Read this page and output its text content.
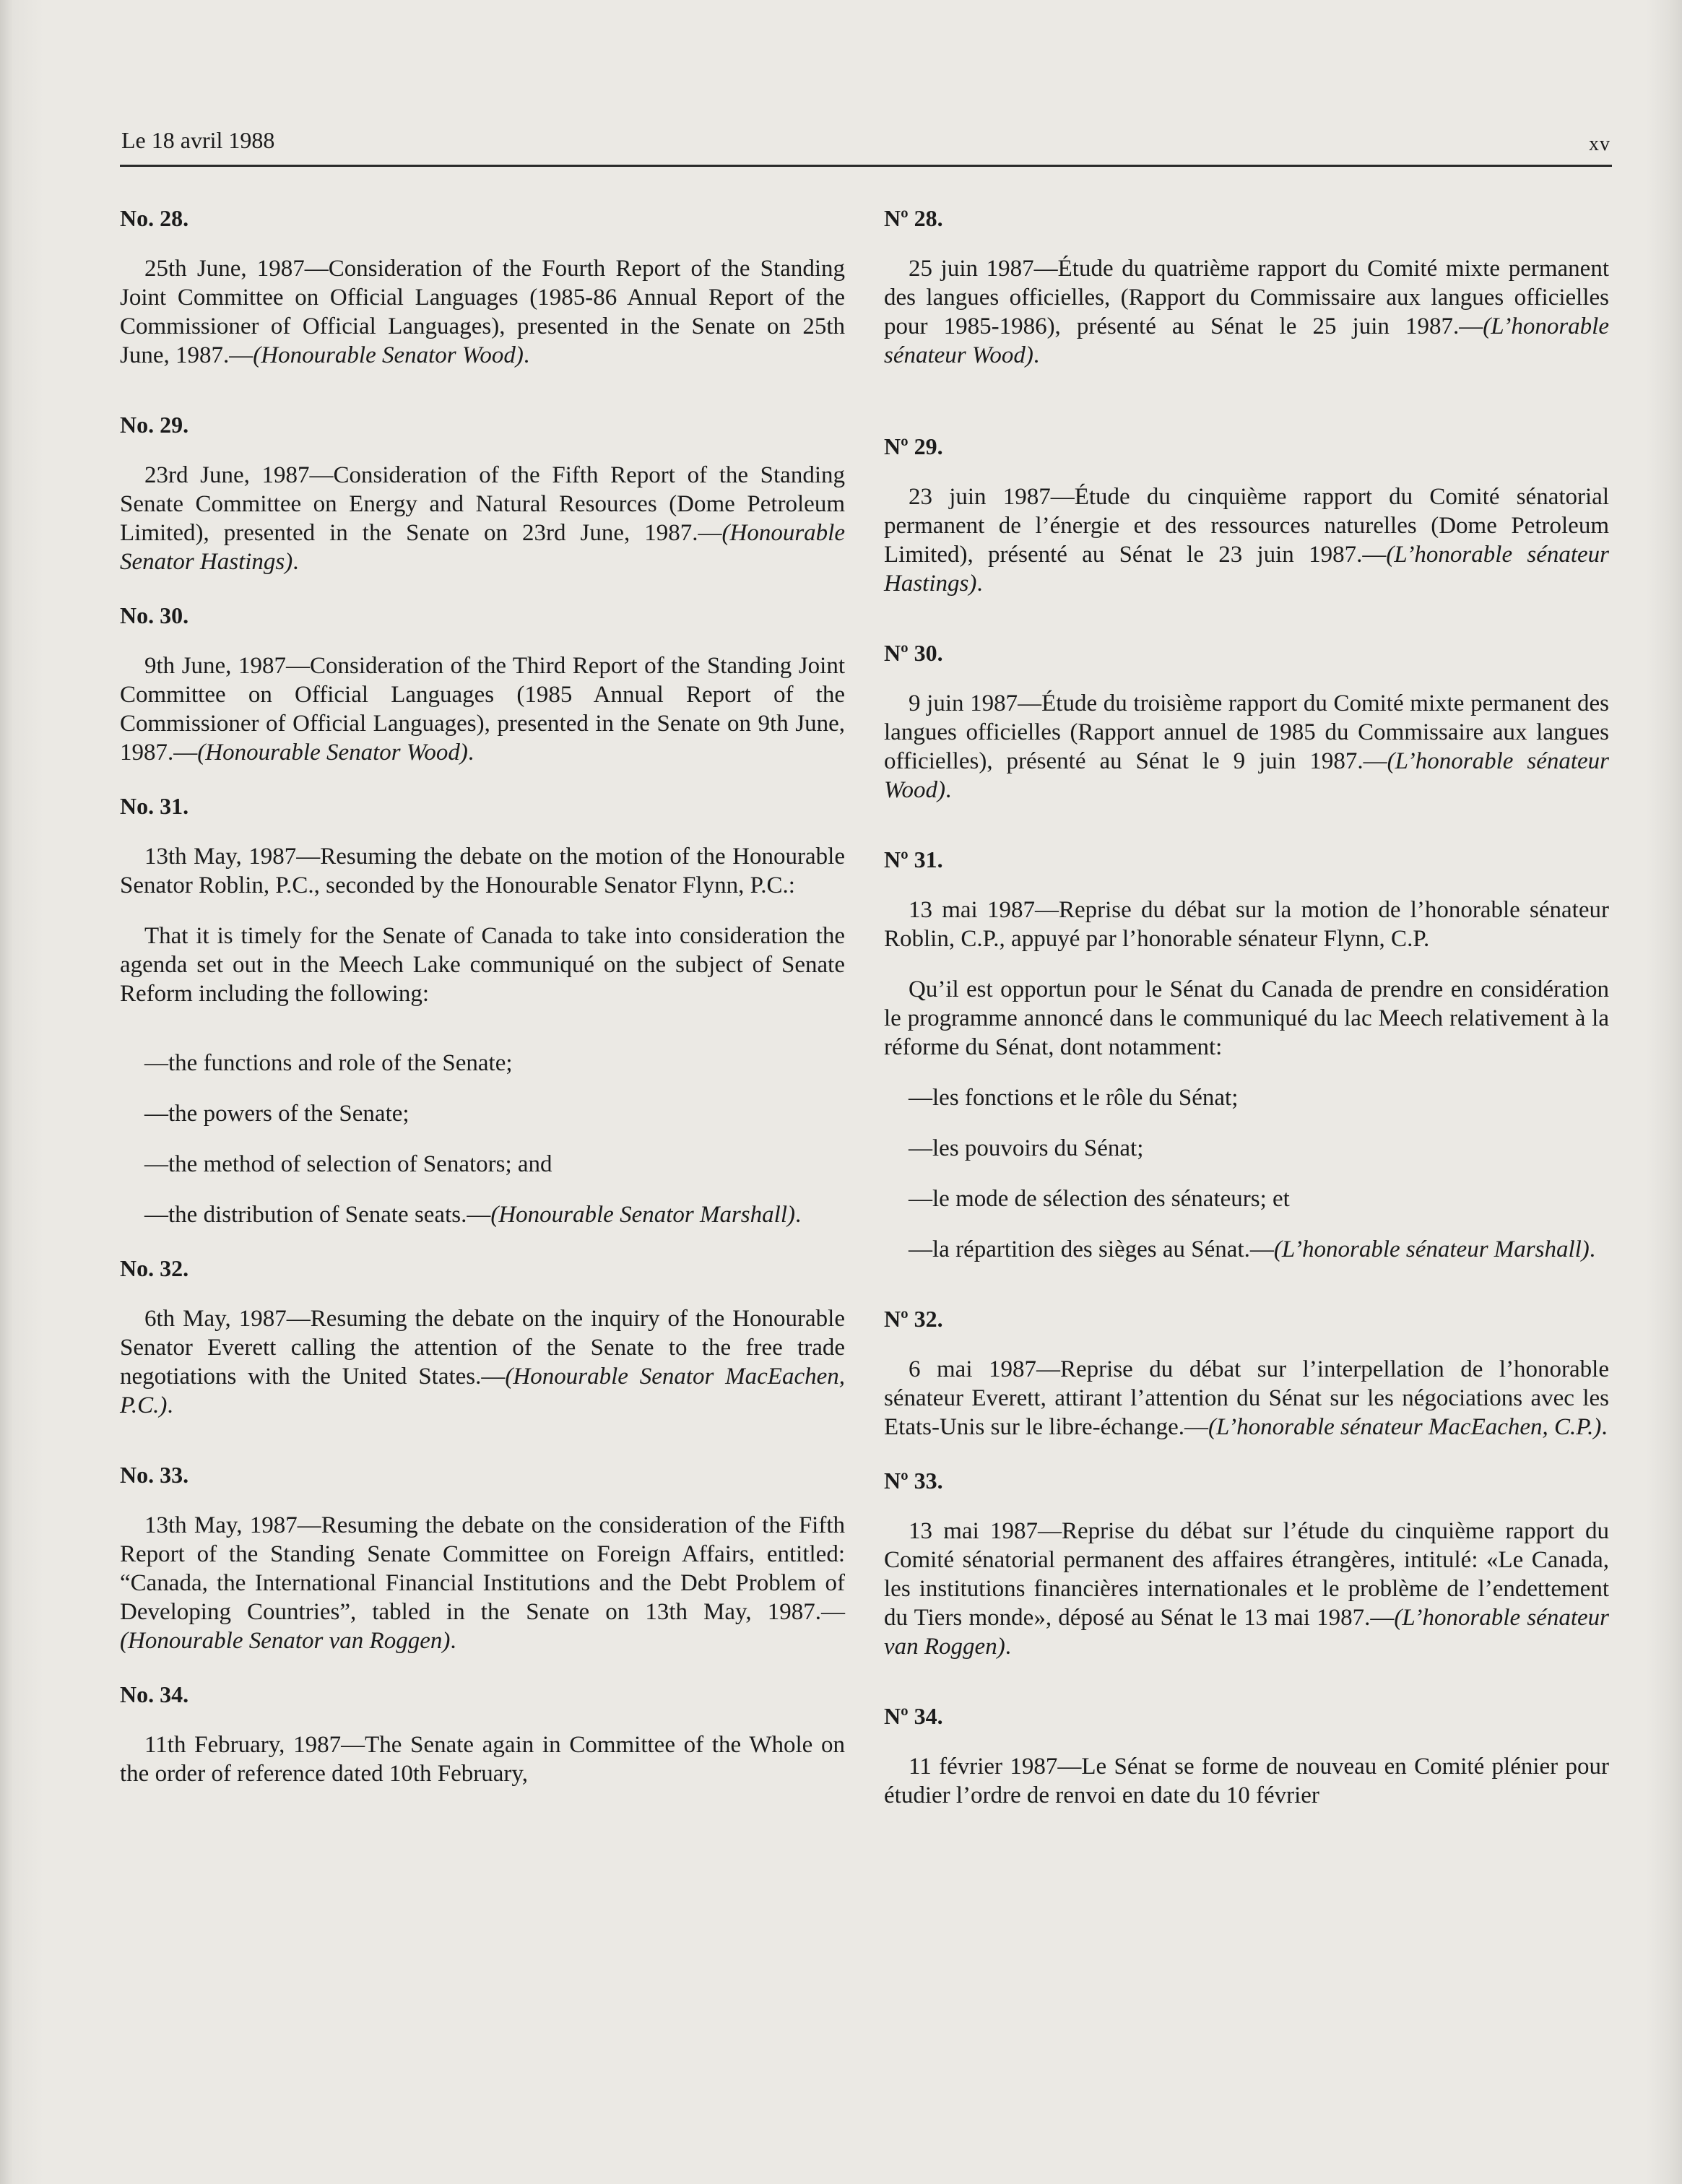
Le 18 avril 1988	xv

No. 28.

25th June, 1987—Consideration of the Fourth Report of the Standing Joint Committee on Official Languages (1985-86 Annual Report of the Commissioner of Official Languages), presented in the Senate on 25th June, 1987.—(Honourable Senator Wood).

No. 29.

23rd June, 1987—Consideration of the Fifth Report of the Standing Senate Committee on Energy and Natural Resources (Dome Petroleum Limited), presented in the Senate on 23rd June, 1987.—(Honourable Senator Hastings).

No. 30.

9th June, 1987—Consideration of the Third Report of the Standing Joint Committee on Official Languages (1985 Annual Report of the Commissioner of Official Languages), presented in the Senate on 9th June, 1987.—(Honourable Senator Wood).

No. 31.

13th May, 1987—Resuming the debate on the motion of the Honourable Senator Roblin, P.C., seconded by the Honourable Senator Flynn, P.C.:

That it is timely for the Senate of Canada to take into consideration the agenda set out in the Meech Lake communiqué on the subject of Senate Reform including the following:

—the functions and role of the Senate;

—the powers of the Senate;

—the method of selection of Senators; and

—the distribution of Senate seats.—(Honourable Senator Marshall).

No. 32.

6th May, 1987—Resuming the debate on the inquiry of the Honourable Senator Everett calling the attention of the Senate to the free trade negotiations with the United States.—(Honourable Senator MacEachen, P.C.).

No. 33.

13th May, 1987—Resuming the debate on the consideration of the Fifth Report of the Standing Senate Committee on Foreign Affairs, entitled: “Canada, the International Financial Institutions and the Debt Problem of Developing Countries”, tabled in the Senate on 13th May, 1987.—(Honourable Senator van Roggen).

No. 34.

11th February, 1987—The Senate again in Committee of the Whole on the order of reference dated 10th February,

Nº 28.

25 juin 1987—Étude du quatrième rapport du Comité mixte permanent des langues officielles, (Rapport du Commissaire aux langues officielles pour 1985-1986), présenté au Sénat le 25 juin 1987.—(L’honorable sénateur Wood).

Nº 29.

23 juin 1987—Étude du cinquième rapport du Comité sénatorial permanent de l’énergie et des ressources naturelles (Dome Petroleum Limited), présenté au Sénat le 23 juin 1987.—(L’honorable sénateur Hastings).

Nº 30.

9 juin 1987—Étude du troisième rapport du Comité mixte permanent des langues officielles (Rapport annuel de 1985 du Commissaire aux langues officielles), présenté au Sénat le 9 juin 1987.—(L’honorable sénateur Wood).

Nº 31.

13 mai 1987—Reprise du débat sur la motion de l’honorable sénateur Roblin, C.P., appuyé par l’honorable sénateur Flynn, C.P.

Qu’il est opportun pour le Sénat du Canada de prendre en considération le programme annoncé dans le communiqué du lac Meech relativement à la réforme du Sénat, dont notamment:

—les fonctions et le rôle du Sénat;

—les pouvoirs du Sénat;

—le mode de sélection des sénateurs; et

—la répartition des sièges au Sénat.—(L’honorable sénateur Marshall).

Nº 32.

6 mai 1987—Reprise du débat sur l’interpellation de l’honorable sénateur Everett, attirant l’attention du Sénat sur les négociations avec les Etats-Unis sur le libre-échange.—(L’honorable sénateur MacEachen, C.P.).

Nº 33.

13 mai 1987—Reprise du débat sur l’étude du cinquième rapport du Comité sénatorial permanent des affaires étrangères, intitulé: «Le Canada, les institutions financières internationales et le problème de l’endettement du Tiers monde», déposé au Sénat le 13 mai 1987.—(L’honorable sénateur van Roggen).

Nº 34.

11 février 1987—Le Sénat se forme de nouveau en Comité plénier pour étudier l’ordre de renvoi en date du 10 février
